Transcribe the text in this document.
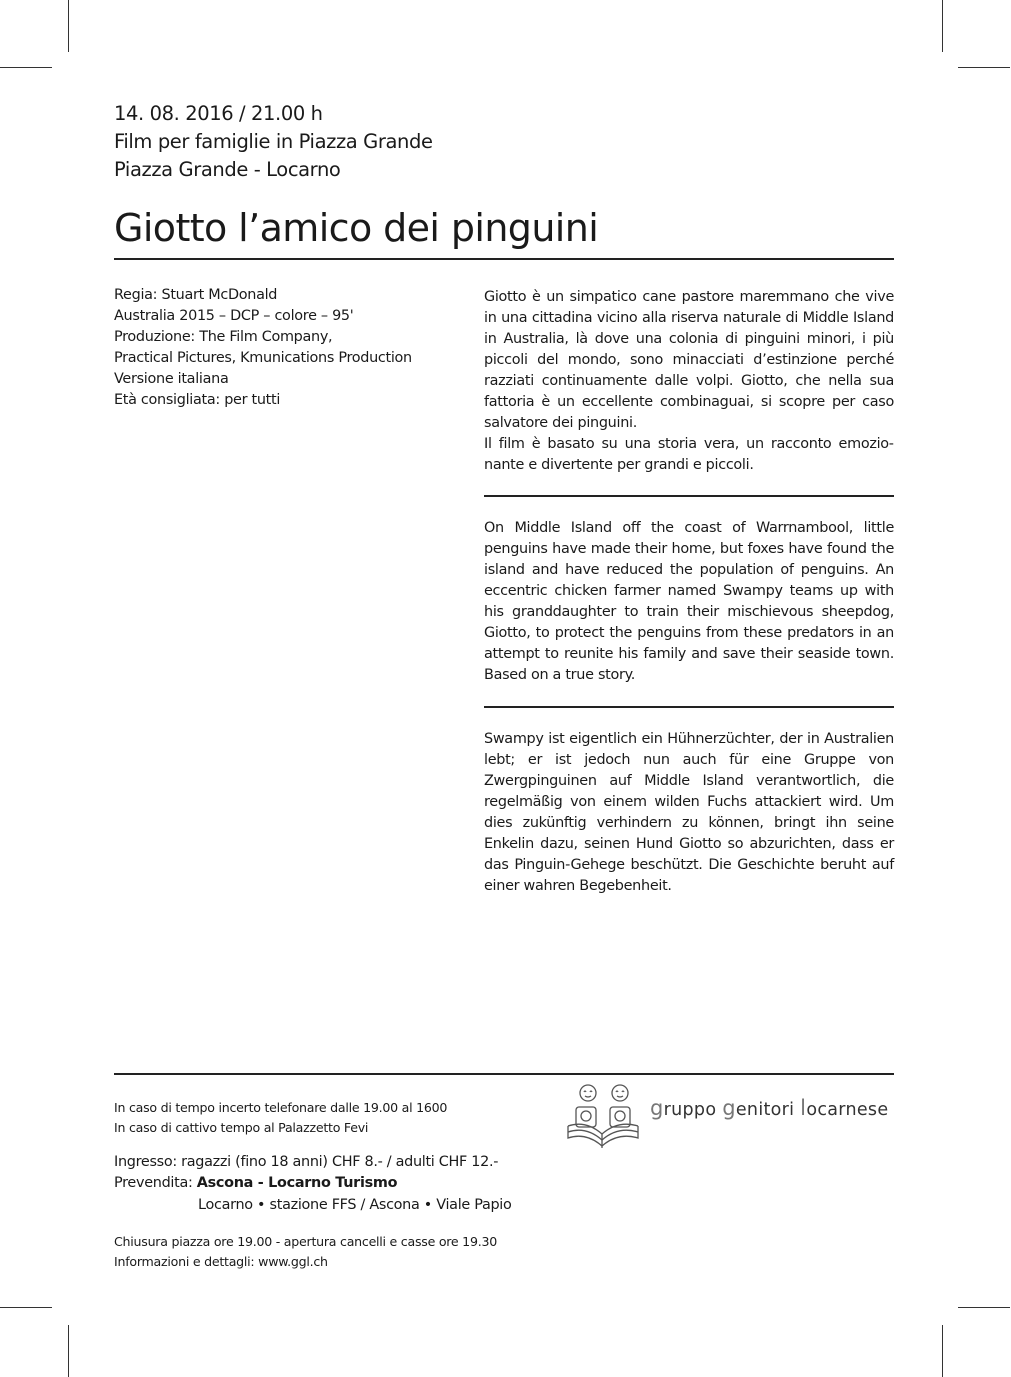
14. 08. 2016 / 21.00 h
Film per famiglie in Piazza Grande
Piazza Grande - Locarno
Giotto l’amico dei pinguini
Regia: Stuart McDonald
Australia 2015 – DCP – colore – 95'
Produzione: The Film Company,
Practical Pictures, Kmunications Production
Versione italiana
Età consigliata: per tutti
Giotto è un simpatico cane pastore maremmano che vive in una cittadina vicino alla riserva naturale di Middle Island in Australia, là dove una colonia di pinguini minori, i più piccoli del mondo, sono minacciati d’estinzione perché razziati continuamente dalle volpi. Giotto, che nella sua fattoria è un eccellente combinaguai, si scopre per caso salvatore dei pinguini.
Il film è basato su una storia vera, un racconto emozionante e divertente per grandi e piccoli.

On Middle Island off the coast of Warrnambool, little penguins have made their home, but foxes have found the island and have reduced the population of penguins. An eccentric chicken farmer named Swampy teams up with his granddaughter to train their mischievous sheepdog, Giotto, to protect the penguins from these predators in an attempt to reunite his family and save their seaside town. Based on a true story.

Swampy ist eigentlich ein Hühnerzüchter, der in Australien lebt; er ist jedoch nun auch für eine Gruppe von Zwergpinguinen auf Middle Island verantwortlich, die regelmäßig von einem wilden Fuchs attackiert wird. Um dies zukünftig verhindern zu können, bringt ihn seine Enkelin dazu, seinen Hund Giotto so abzurichten, dass er das Pinguin-Gehege beschützt. Die Geschichte beruht auf einer wahren Begebenheit.

In caso di tempo incerto telefonare dalle 19.00 al 1600
In caso di cattivo tempo al Palazzetto Fevi
Ingresso: ragazzi (fino 18 anni) CHF 8.- / adulti CHF 12.-
Prevendita: Ascona - Locarno Turismo
Locarno • stazione FFS / Ascona • Viale Papio
Chiusura piazza ore 19.00 - apertura cancelli e casse ore 19.30
Informazioni e dettagli: www.ggl.ch
gruppo genitori locarnese
